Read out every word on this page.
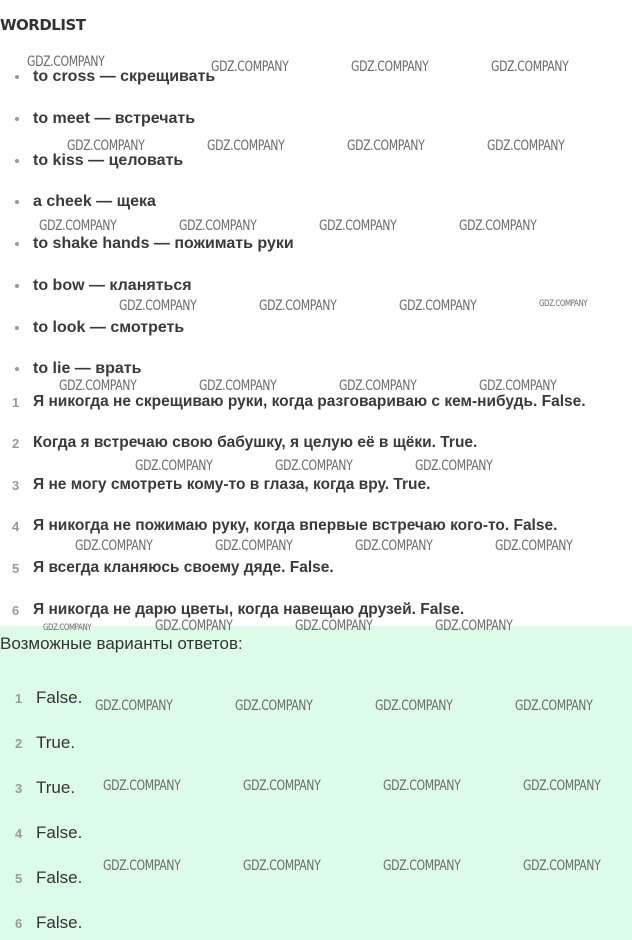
WORDLIST
to cross — скрещивать
to meet — встречать
to kiss — целовать
a cheek — щека
to shake hands — пожимать руки
to bow — кланяться
to look — смотреть
to lie — врать
1 Я никогда не скрещиваю руки, когда разговариваю с кем-нибудь. False.
2 Когда я встречаю свою бабушку, я целую её в щёки. True.
3 Я не могу смотреть кому-то в глаза, когда вру. True.
4 Я никогда не пожимаю руку, когда впервые встречаю кого-то. False.
5 Я всегда кланяюсь своему дяде. False.
6 Я никогда не дарю цветы, когда навещаю друзей. False.
Возможные варианты ответов:
1 False.
2 True.
3 True.
4 False.
5 False.
6 False.
GDZ.COMPANY	GDZ.COMPANY	GDZ.COMPANY	GDZ.COMPANY
GDZ.COMPANY	GDZ.COMPANY	GDZ.COMPANY	GDZ.COMPANY
GDZ.COMPANY	GDZ.COMPANY	GDZ.COMPANY	GDZ.COMPANY
GDZ.COMPANY	GDZ.COMPANY	GDZ.COMPANY	GDZ.COMPANY
GDZ.COMPANY	GDZ.COMPANY	GDZ.COMPANY	GDZ.COMPANY
GDZ.COMPANY	GDZ.COMPANY	GDZ.COMPANY
GDZ.COMPANY	GDZ.COMPANY	GDZ.COMPANY	GDZ.COMPANY
GDZ.COMPANY	GDZ.COMPANY	GDZ.COMPANY	GDZ.COMPANY
GDZ.COMPANY	GDZ.COMPANY	GDZ.COMPANY	GDZ.COMPANY
GDZ.COMPANY	GDZ.COMPANY	GDZ.COMPANY	GDZ.COMPANY
GDZ.COMPANY	GDZ.COMPANY	GDZ.COMPANY	GDZ.COMPANY
